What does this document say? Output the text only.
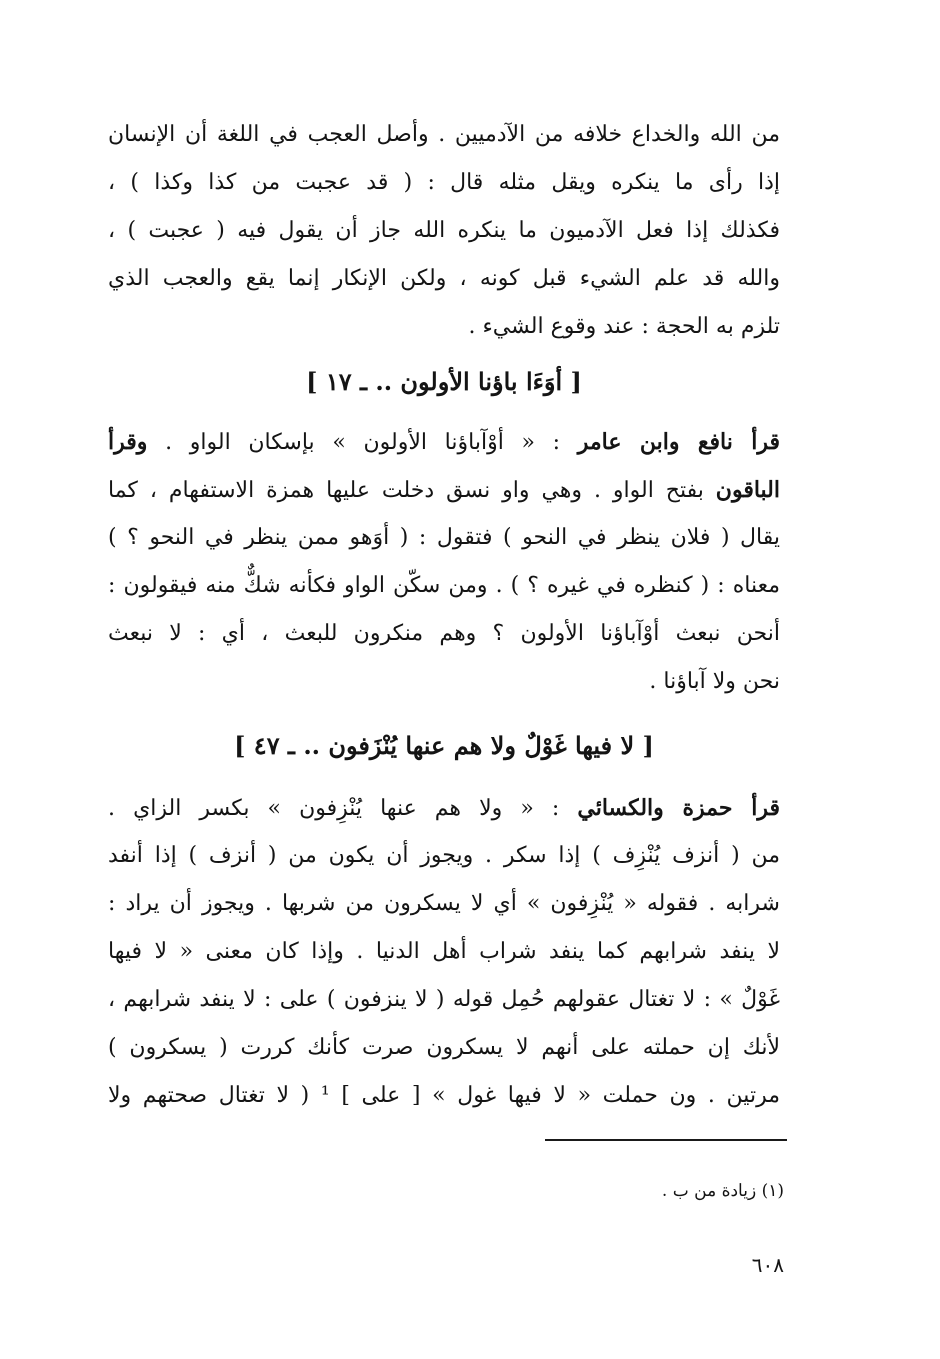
من الله والخداع خلافه من الآدميين . وأصل العجب في اللغة أن الإنسان
إذا رأى ما ينكره ويقل مثله قال : ( قد عجبت من كذا وكذا ) ،
فكذلك إذا فعل الآدميون ما ينكره الله جاز أن يقول فيه ( عجبت ) ،
والله قد علم الشيء قبل كونه ، ولكن الإنكار إنما يقع والعجب الذي
تلزم به الحجة : عند وقوع الشيء .
[ أوَءَا باؤنا الأولون .. ـ ١٧ ]
قرأ نافع وابن عامر : « أوْآباؤنا الأولون » بإسكان الواو . وقرأ
الباقون بفتح الواو . وهي واو نسق دخلت عليها همزة الاستفهام ، كما
يقال ( فلان ينظر في النحو ) فتقول : ( أوَهو ممن ينظر في النحو ؟ )
معناه : ( كنظره في غيره ؟ ) . ومن سكّن الواو فكأنه شكٌّ منه فيقولون :
أنحن نبعث أوْآباؤنا الأولون ؟ وهم منكرون للبعث ، أي : لا نبعث
نحن ولا آباؤنا .
[ لا فيها غَوْلٌ ولا هم عنها يُنْزَفون .. ـ ٤٧ ]
قرأ حمزة والكسائي : « ولا هم عنها يُنْزِفون » بكسر الزاي .
من ( أنزف يُنْزِف ) إذا سكر . ويجوز أن يكون من ( أنزف ) إذا أنفد
شرابه . فقوله « يُنْزِفون » أي لا يسكرون من شربها . ويجوز أن يراد :
لا ينفد شرابهم كما ينفد شراب أهل الدنيا . وإذا كان معنى « لا فيها
غَوْلٌ » : لا تغتال عقولهم حُمِل قوله ( لا ينزفون ) على : لا ينفد شرابهم ،
لأنك إن حملته على أنهم لا يسكرون صرت كأنك كررت ( يسكرون )
مرتين . ون حملت « لا فيها غول » [ على ] ¹ ( لا تغتال صحتهم ولا
(١) زيادة من ب .
٦٠٨
